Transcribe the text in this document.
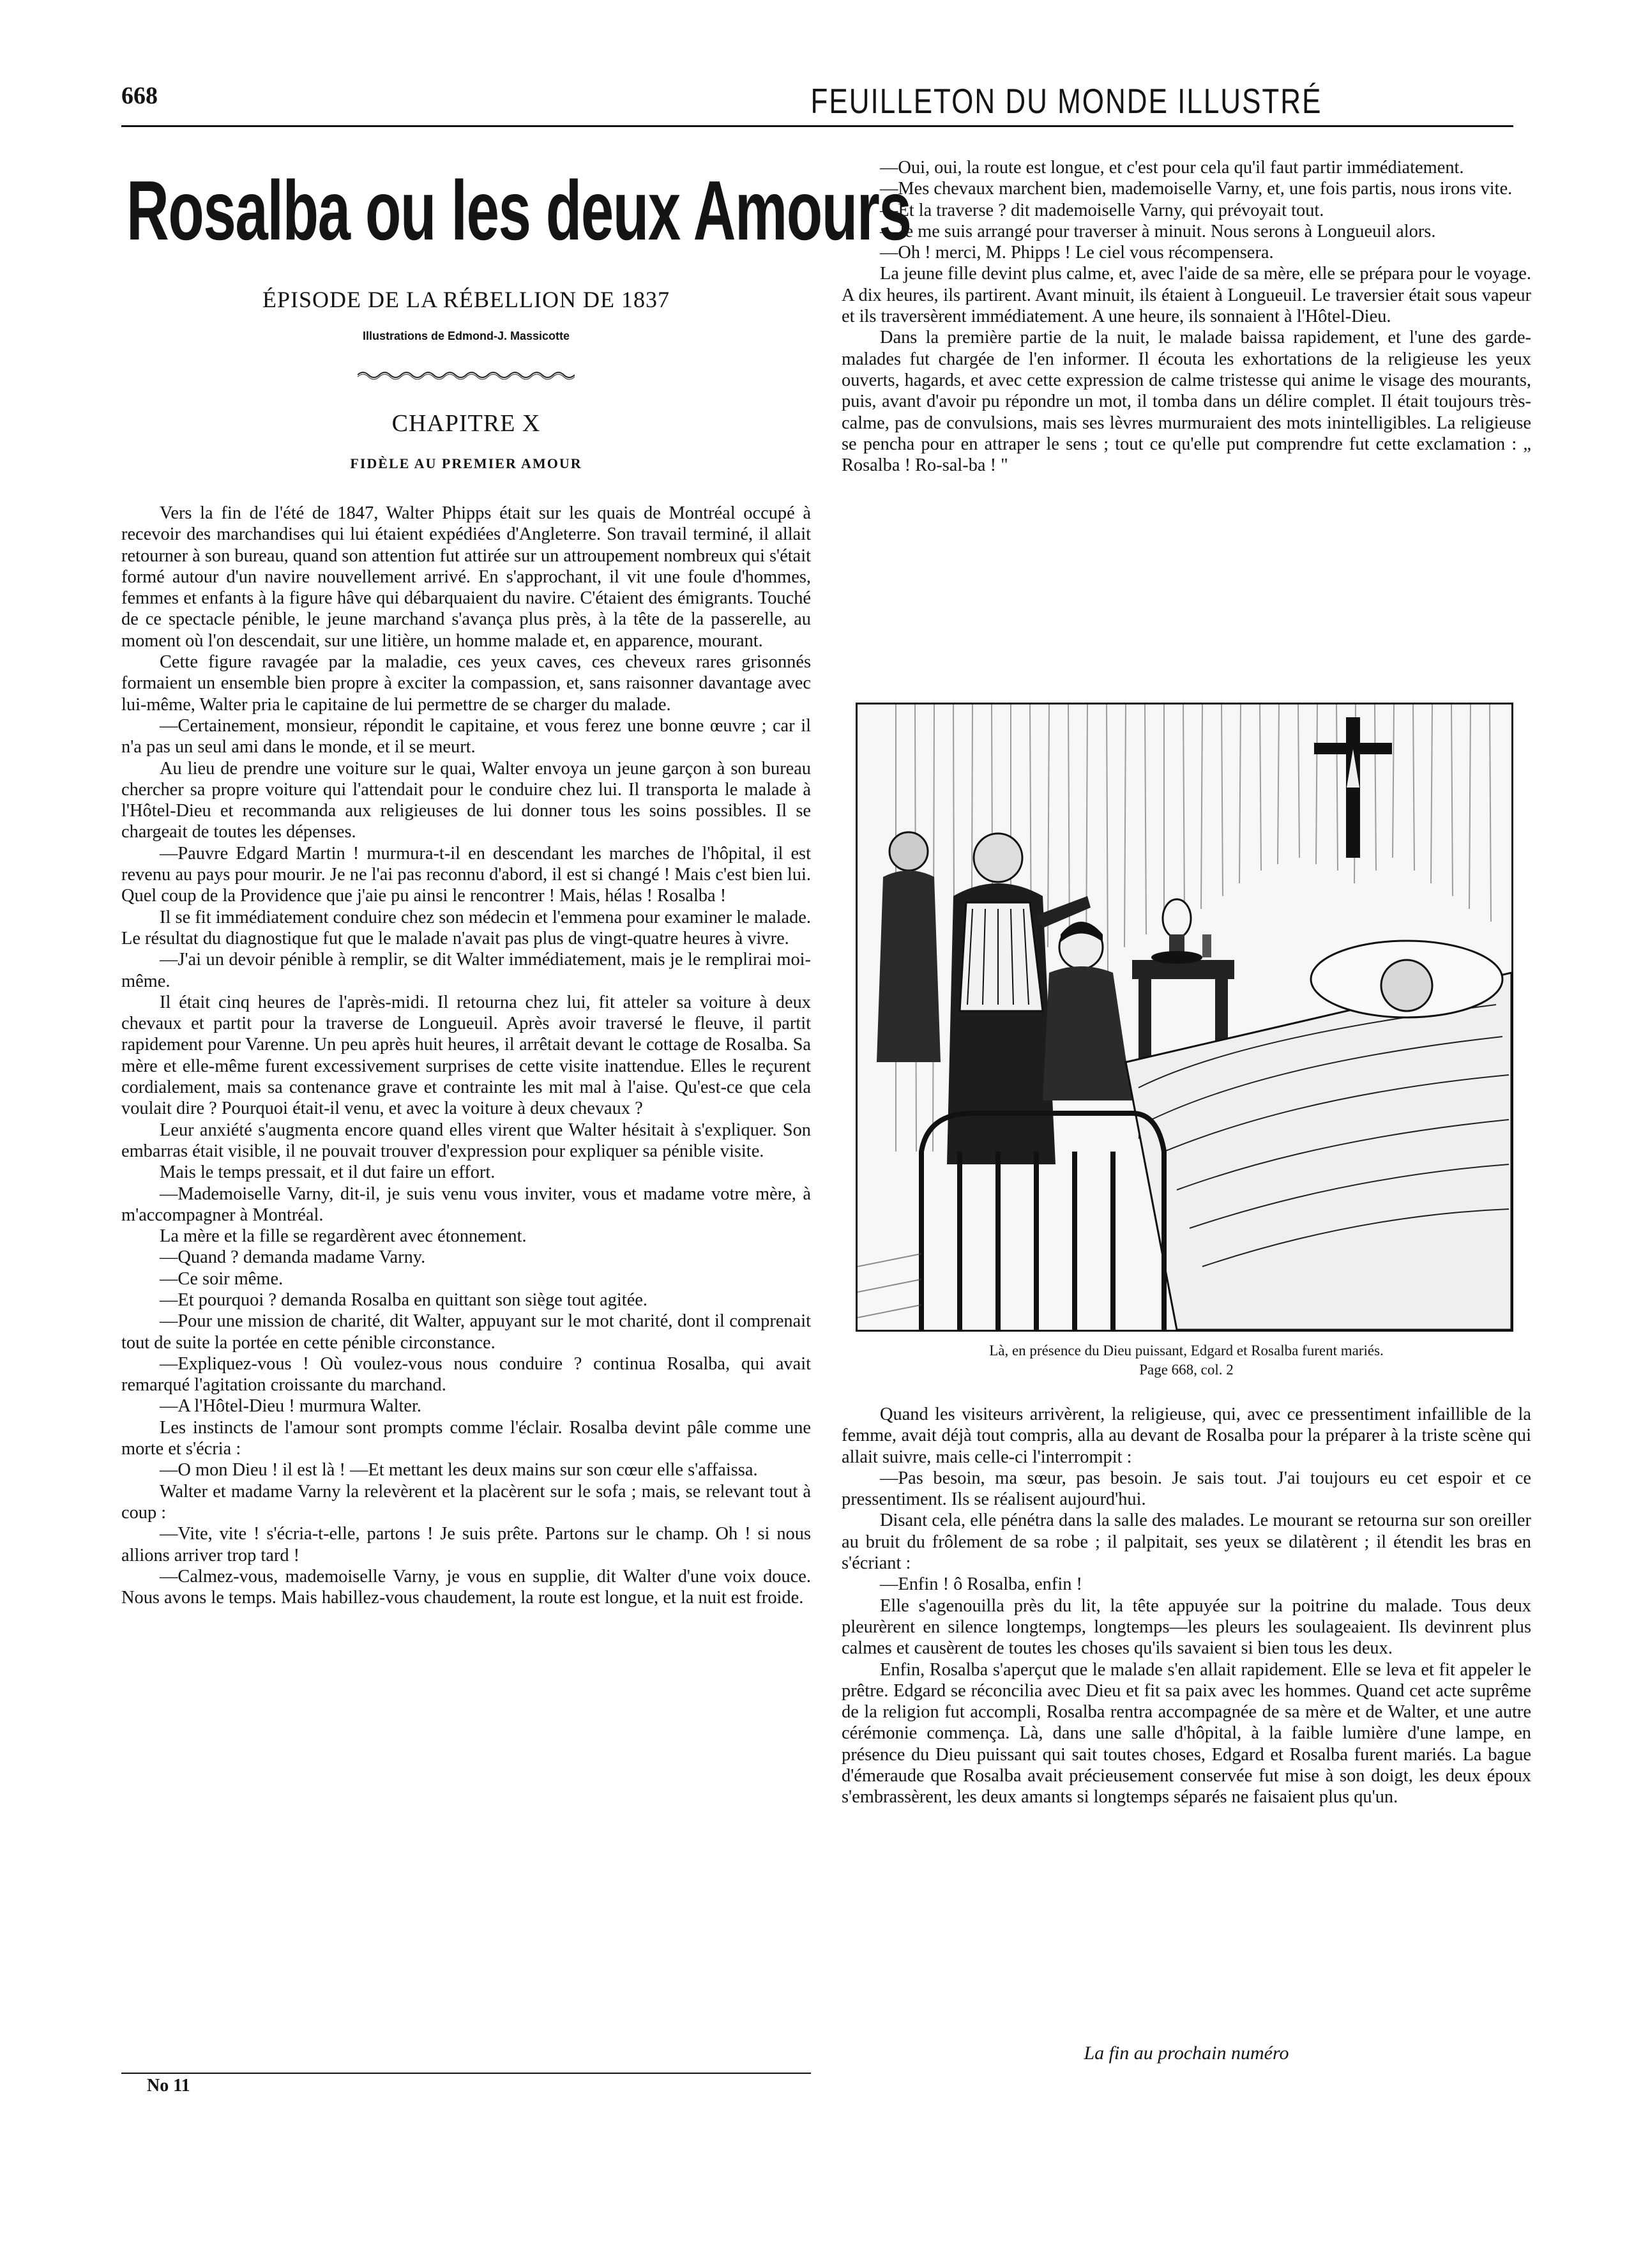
668	FEUILLETON DU MONDE ILLUSTRÉ
Rosalba ou les deux Amours
ÉPISODE DE LA RÉBELLION DE 1837
Illustrations de Edmond-J. Massicotte
CHAPITRE X
FIDÈLE AU PREMIER AMOUR

Vers la fin de l'été de 1847, Walter Phipps était sur les quais de Montréal occupé à recevoir des marchandises qui lui étaient expédiées d'Angleterre. Son travail terminé, il allait retourner à son bureau, quand son attention fut attirée sur un attroupement nombreux qui s'était formé autour d'un navire nouvellement arrivé. En s'approchant, il vit une foule d'hommes, femmes et enfants à la figure hâve qui débarquaient du navire. C'étaient des émigrants. Touché de ce spectacle pénible, le jeune marchand s'avança plus près, à la tête de la passerelle, au moment où l'on descendait, sur une litière, un homme malade et, en apparence, mourant.

Cette figure ravagée par la maladie, ces yeux caves, ces cheveux rares grisonnés formaient un ensemble bien propre à exciter la compassion, et, sans raisonner davantage avec lui-même, Walter pria le capitaine de lui permettre de se charger du malade.

—Certainement, monsieur, répondit le capitaine, et vous ferez une bonne œuvre ; car il n'a pas un seul ami dans le monde, et il se meurt.

Au lieu de prendre une voiture sur le quai, Walter envoya un jeune garçon à son bureau chercher sa propre voiture qui l'attendait pour le conduire chez lui. Il transporta le malade à l'Hôtel-Dieu et recommanda aux religieuses de lui donner tous les soins possibles. Il se chargeait de toutes les dépenses.

—Pauvre Edgard Martin ! murmura-t-il en descendant les marches de l'hôpital, il est revenu au pays pour mourir. Je ne l'ai pas reconnu d'abord, il est si changé ! Mais c'est bien lui. Quel coup de la Providence que j'aie pu ainsi le rencontrer ! Mais, hélas ! Rosalba !

Il se fit immédiatement conduire chez son médecin et l'emmena pour examiner le malade. Le résultat du diagnostique fut que le malade n'avait pas plus de vingt-quatre heures à vivre.

—J'ai un devoir pénible à remplir, se dit Walter immédiatement, mais je le remplirai moi-même.

Il était cinq heures de l'après-midi. Il retourna chez lui, fit atteler sa voiture à deux chevaux et partit pour la traverse de Longueuil. Après avoir traversé le fleuve, il partit rapidement pour Varenne. Un peu après huit heures, il arrêtait devant le cottage de Rosalba. Sa mère et elle-même furent excessivement surprises de cette visite inattendue. Elles le reçurent cordialement, mais sa contenance grave et contrainte les mit mal à l'aise. Qu'est-ce que cela voulait dire ? Pourquoi était-il venu, et avec la voiture à deux chevaux ?

Leur anxiété s'augmenta encore quand elles virent que Walter hésitait à s'expliquer. Son embarras était visible, il ne pouvait trouver d'expression pour expliquer sa pénible visite.

Mais le temps pressait, et il dut faire un effort.

—Mademoiselle Varny, dit-il, je suis venu vous inviter, vous et madame votre mère, à m'accompagner à Montréal.

La mère et la fille se regardèrent avec étonnement.

—Quand ? demanda madame Varny.

—Ce soir même.

—Et pourquoi ? demanda Rosalba en quittant son siège tout agitée.

—Pour une mission de charité, dit Walter, appuyant sur le mot charité, dont il comprenait tout de suite la portée en cette pénible circonstance.

—Expliquez-vous ! Où voulez-vous nous conduire ? continua Rosalba, qui avait remarqué l'agitation croissante du marchand.

—A l'Hôtel-Dieu ! murmura Walter.

Les instincts de l'amour sont prompts comme l'éclair. Rosalba devint pâle comme une morte et s'écria :

—O mon Dieu ! il est là ! —Et mettant les deux mains sur son cœur elle s'affaissa.

Walter et madame Varny la relevèrent et la placèrent sur le sofa ; mais, se relevant tout à coup :

—Vite, vite ! s'écria-t-elle, partons ! Je suis prête. Partons sur le champ. Oh ! si nous allions arriver trop tard !

—Calmez-vous, mademoiselle Varny, je vous en supplie, dit Walter d'une voix douce. Nous avons le temps. Mais habillez-vous chaudement, la route est longue, et la nuit est froide.

No 11

—Oui, oui, la route est longue, et c'est pour cela qu'il faut partir immédiatement.

—Mes chevaux marchent bien, mademoiselle Varny, et, une fois partis, nous irons vite.

—Et la traverse ? dit mademoiselle Varny, qui prévoyait tout.

—Je me suis arrangé pour traverser à minuit. Nous serons à Longueuil alors.

—Oh ! merci, M. Phipps ! Le ciel vous récompensera.

La jeune fille devint plus calme, et, avec l'aide de sa mère, elle se prépara pour le voyage. A dix heures, ils partirent. Avant minuit, ils étaient à Longueuil. Le traversier était sous vapeur et ils traversèrent immédiatement. A une heure, ils sonnaient à l'Hôtel-Dieu.

Dans la première partie de la nuit, le malade baissa rapidement, et l'une des garde-malades fut chargée de l'en informer. Il écouta les exhortations de la religieuse les yeux ouverts, hagards, et avec cette expression de calme tristesse qui anime le visage des mourants, puis, avant d'avoir pu répondre un mot, il tomba dans un délire complet. Il était toujours très-calme, pas de convulsions, mais ses lèvres murmuraient des mots inintelligibles. La religieuse se pencha pour en attraper le sens ; tout ce qu'elle put comprendre fut cette exclamation : „ Rosalba ! Ro-sal-ba ! "

Là, en présence du Dieu puissant, Edgard et Rosalba furent mariés.
Page 668, col. 2

Quand les visiteurs arrivèrent, la religieuse, qui, avec ce pressentiment infaillible de la femme, avait déjà tout compris, alla au devant de Rosalba pour la préparer à la triste scène qui allait suivre, mais celle-ci l'interrompit :

—Pas besoin, ma sœur, pas besoin. Je sais tout. J'ai toujours eu cet espoir et ce pressentiment. Ils se réalisent aujourd'hui.

Disant cela, elle pénétra dans la salle des malades. Le mourant se retourna sur son oreiller au bruit du frôlement de sa robe ; il palpitait, ses yeux se dilatèrent ; il étendit les bras en s'écriant :

—Enfin ! ô Rosalba, enfin !

Elle s'agenouilla près du lit, la tête appuyée sur la poitrine du malade. Tous deux pleurèrent en silence longtemps, longtemps—les pleurs les soulageaient. Ils devinrent plus calmes et causèrent de toutes les choses qu'ils savaient si bien tous les deux.

Enfin, Rosalba s'aperçut que le malade s'en allait rapidement. Elle se leva et fit appeler le prêtre. Edgard se réconcilia avec Dieu et fit sa paix avec les hommes. Quand cet acte suprême de la religion fut accompli, Rosalba rentra accompagnée de sa mère et de Walter, et une autre cérémonie commença. Là, dans une salle d'hôpital, à la faible lumière d'une lampe, en présence du Dieu puissant qui sait toutes choses, Edgard et Rosalba furent mariés. La bague d'émeraude que Rosalba avait précieusement conservée fut mise à son doigt, les deux époux s'embrassèrent, les deux amants si longtemps séparés ne faisaient plus qu'un.

La fin au prochain numéro
